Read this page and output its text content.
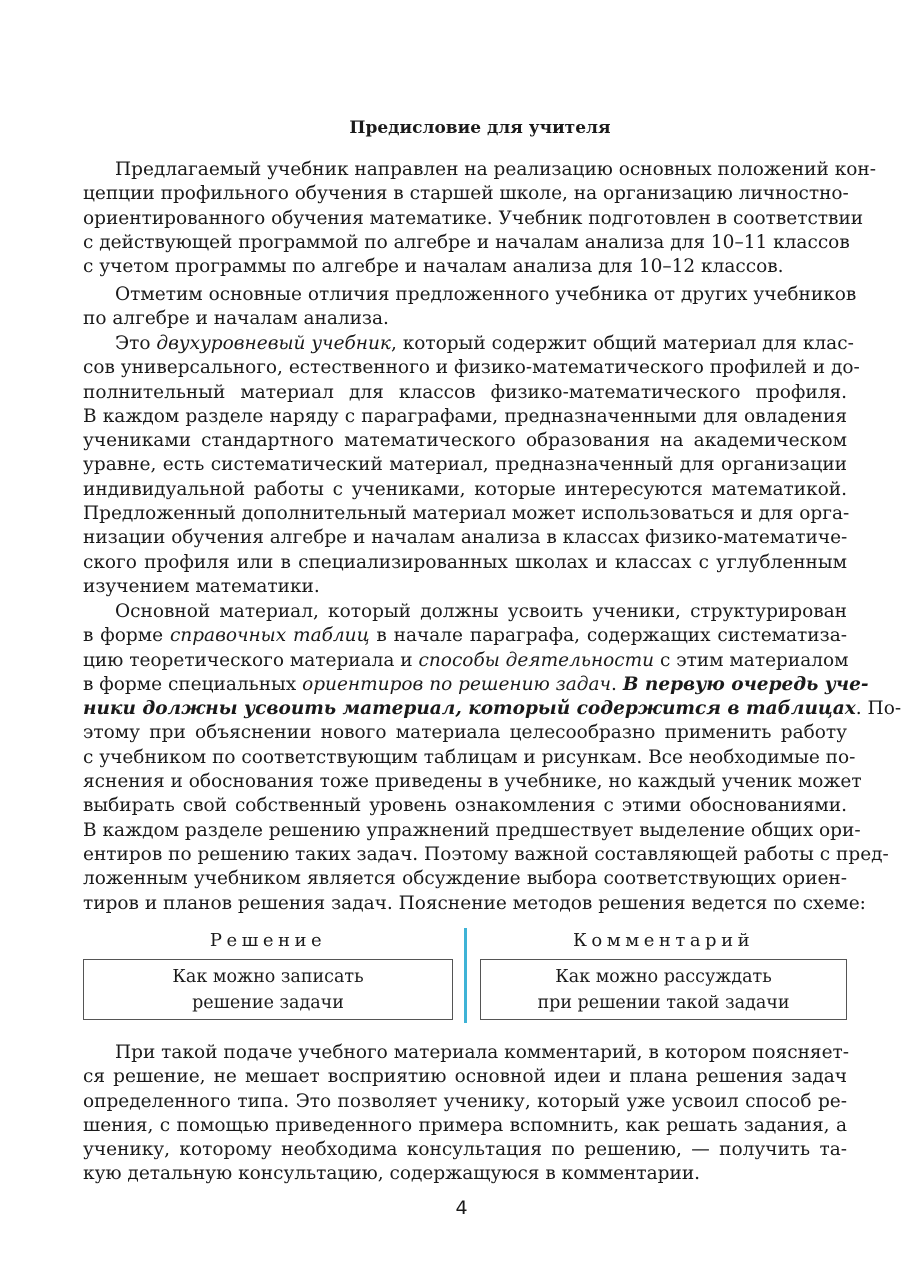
Предисловие для учителя
Предлагаемый учебник направлен на реализацию основных положений кон-
цепции профильного обучения в старшей школе, на организацию личностно-
ориентированного обучения математике. Учебник подготовлен в соответствии
с действующей программой по алгебре и началам анализа для 10–11 классов
с учетом программы по алгебре и началам анализа для 10–12 классов.
Отметим основные отличия предложенного учебника от других учебников
по алгебре и началам анализа.
Это двухуровневый учебник, который содержит общий материал для клас-
сов универсального, естественного и физико-математического профилей и до-
полнительный материал для классов физико-математического профиля.
В каждом разделе наряду с параграфами, предназначенными для овладения
учениками стандартного математического образования на академическом
уравне, есть систематический материал, предназначенный для организации
индивидуальной работы с учениками, которые интересуются математикой.
Предложенный дополнительный материал может использоваться и для орга-
низации обучения алгебре и началам анализа в классах физико-математиче-
ского профиля или в специализированных школах и классах с углубленным
изучением математики.
Основной материал, который должны усвоить ученики, структурирован
в форме справочных таблиц в начале параграфа, содержащих систематиза-
цию теоретического материала и способы деятельности с этим материалом
в форме специальных ориентиров по решению задач. В первую очередь уче-
ники должны усвоить материал, который содержится в таблицах. По-
этому при объяснении нового материала целесообразно применить работу
с учебником по соответствующим таблицам и рисункам. Все необходимые по-
яснения и обоснования тоже приведены в учебнике, но каждый ученик может
выбирать свой собственный уровень ознакомления с этими обоснованиями.
В каждом разделе решению упражнений предшествует выделение общих ори-
ентиров по решению таких задач. Поэтому важной составляющей работы с пред-
ложенным учебником является обсуждение выбора соответствующих ориен-
тиров и планов решения задач. Пояснение методов решения ведется по схеме:
Решение	Комментарий
Как можно записать
решение задачи
Как можно рассуждать
при решении такой задачи
При такой подаче учебного материала комментарий, в котором поясняет-
ся решение, не мешает восприятию основной идеи и плана решения задач
определенного типа. Это позволяет ученику, который уже усвоил способ ре-
шения, с помощью приведенного примера вспомнить, как решать задания, а
ученику, которому необходима консультация по решению, — получить та-
кую детальную консультацию, содержащуюся в комментарии.
4
